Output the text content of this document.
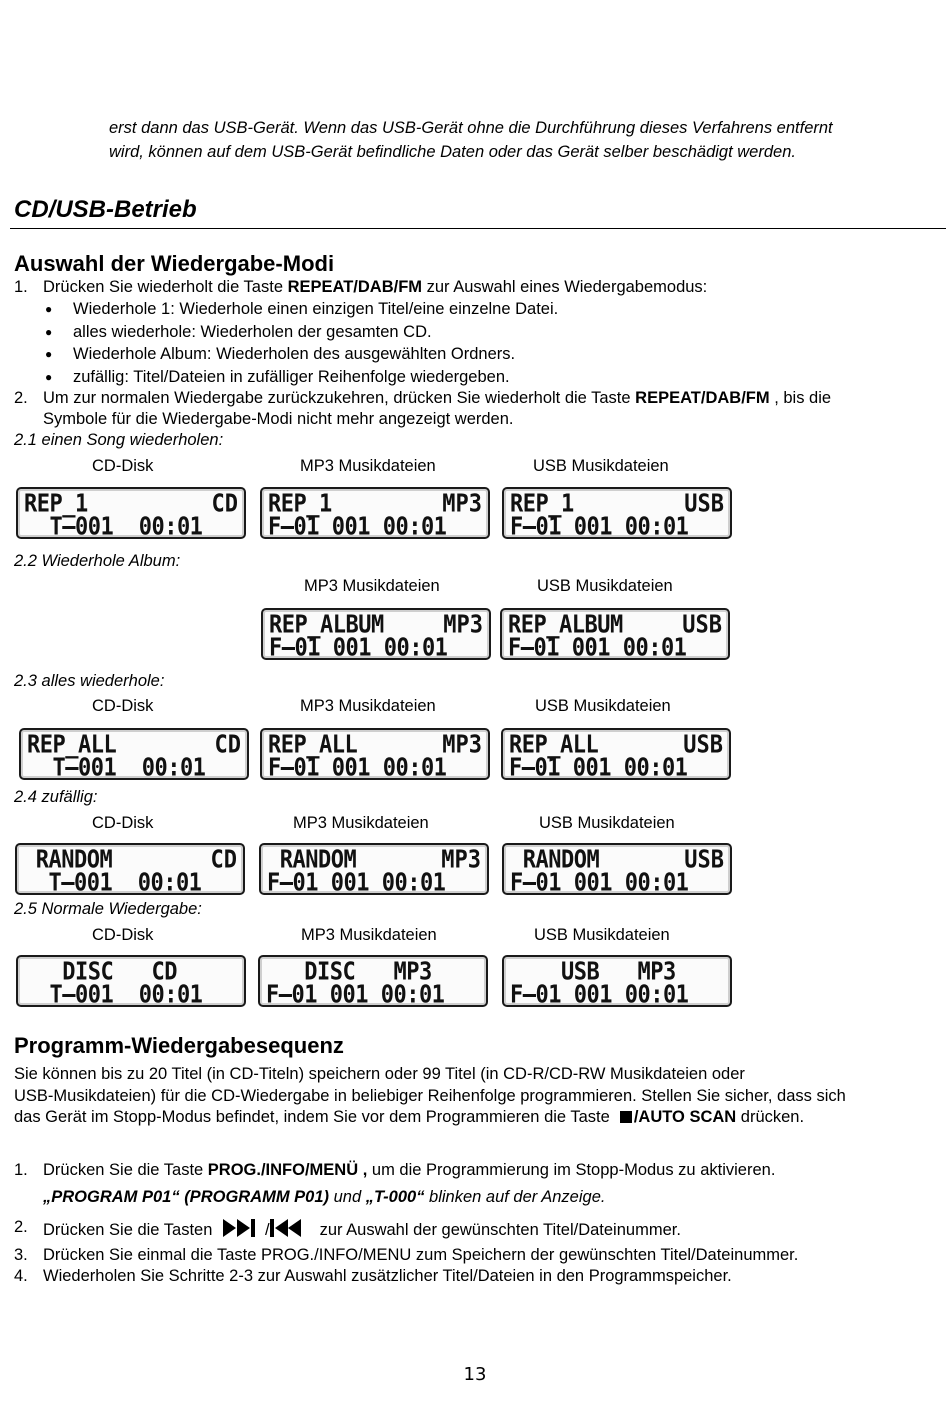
erst dann das USB-Gerät. Wenn das USB-Gerät ohne die Durchführung dieses Verfahrens entfernt
wird, können auf dem USB-Gerät befindliche Daten oder das Gerät selber beschädigt werden.
CD/USB-Betrieb
Auswahl der Wiedergabe-Modi
1. Drücken Sie wiederholt die Taste REPEAT/DAB/FM zur Auswahl eines Wiedergabemodus:
● Wiederhole 1: Wiederhole einen einzigen Titel/eine einzelne Datei.
● alles wiederhole: Wiederholen der gesamten CD.
● Wiederhole Album: Wiederholen des ausgewählten Ordners.
● zufällig: Titel/Dateien in zufälliger Reihenfolge wiedergeben.
2. Um zur normalen Wiedergabe zurückzukehren, drücken Sie wiederholt die Taste REPEAT/DAB/FM , bis die
Symbole für die Wiedergabe-Modi nicht mehr angezeigt werden.
2.1 einen Song wiederholen:
CD-Disk	MP3 Musikdateien	USB Musikdateien
REP_1	CD
T—001  00:01
REP_1	MP3
F—01 001 00:01
REP_1	USB
F—01 001 00:01
2.2 Wiederhole Album:
MP3 Musikdateien	USB Musikdateien
REP_ALBUM	MP3
F—01 001 00:01
REP_ALBUM	USB
F—01 001 00:01
2.3 alles wiederhole:
CD-Disk	MP3 Musikdateien	USB Musikdateien
REP_ALL	CD
T—001  00:01
REP_ALL	MP3
F—01 001 00:01
REP_ALL	USB
F—01 001 00:01
2.4 zufällig:
CD-Disk	MP3 Musikdateien	USB Musikdateien
RANDOM	CD
T—001  00:01
RANDOM	MP3
F—01 001 00:01
RANDOM	USB
F—01 001 00:01
2.5 Normale Wiedergabe:
CD-Disk	MP3 Musikdateien	USB Musikdateien
DISC   CD
T—001  00:01
DISC   MP3
F—01 001 00:01
USB   MP3
F—01 001 00:01
Programm-Wiedergabesequenz
Sie können bis zu 20 Titel (in CD-Titeln) speichern oder 99 Titel (in CD-R/CD-RW Musikdateien oder
USB-Musikdateien) für die CD-Wiedergabe in beliebiger Reihenfolge programmieren. Stellen Sie sicher, dass sich
das Gerät im Stopp-Modus befindet, indem Sie vor dem Programmieren die Taste /AUTO SCAN drücken.
1. Drücken Sie die Taste PROG./INFO/MENÜ , um die Programmierung im Stopp-Modus zu aktivieren.
„PROGRAM P01“ (PROGRAMM P01) und „T-000“ blinken auf der Anzeige.
2. Drücken Sie die Tasten	/	zur Auswahl der gewünschten Titel/Dateinummer.
3. Drücken Sie einmal die Taste PROG./INFO/MENU zum Speichern der gewünschten Titel/Dateinummer.
4. Wiederholen Sie Schritte 2-3 zur Auswahl zusätzlicher Titel/Dateien in den Programmspeicher.
13
